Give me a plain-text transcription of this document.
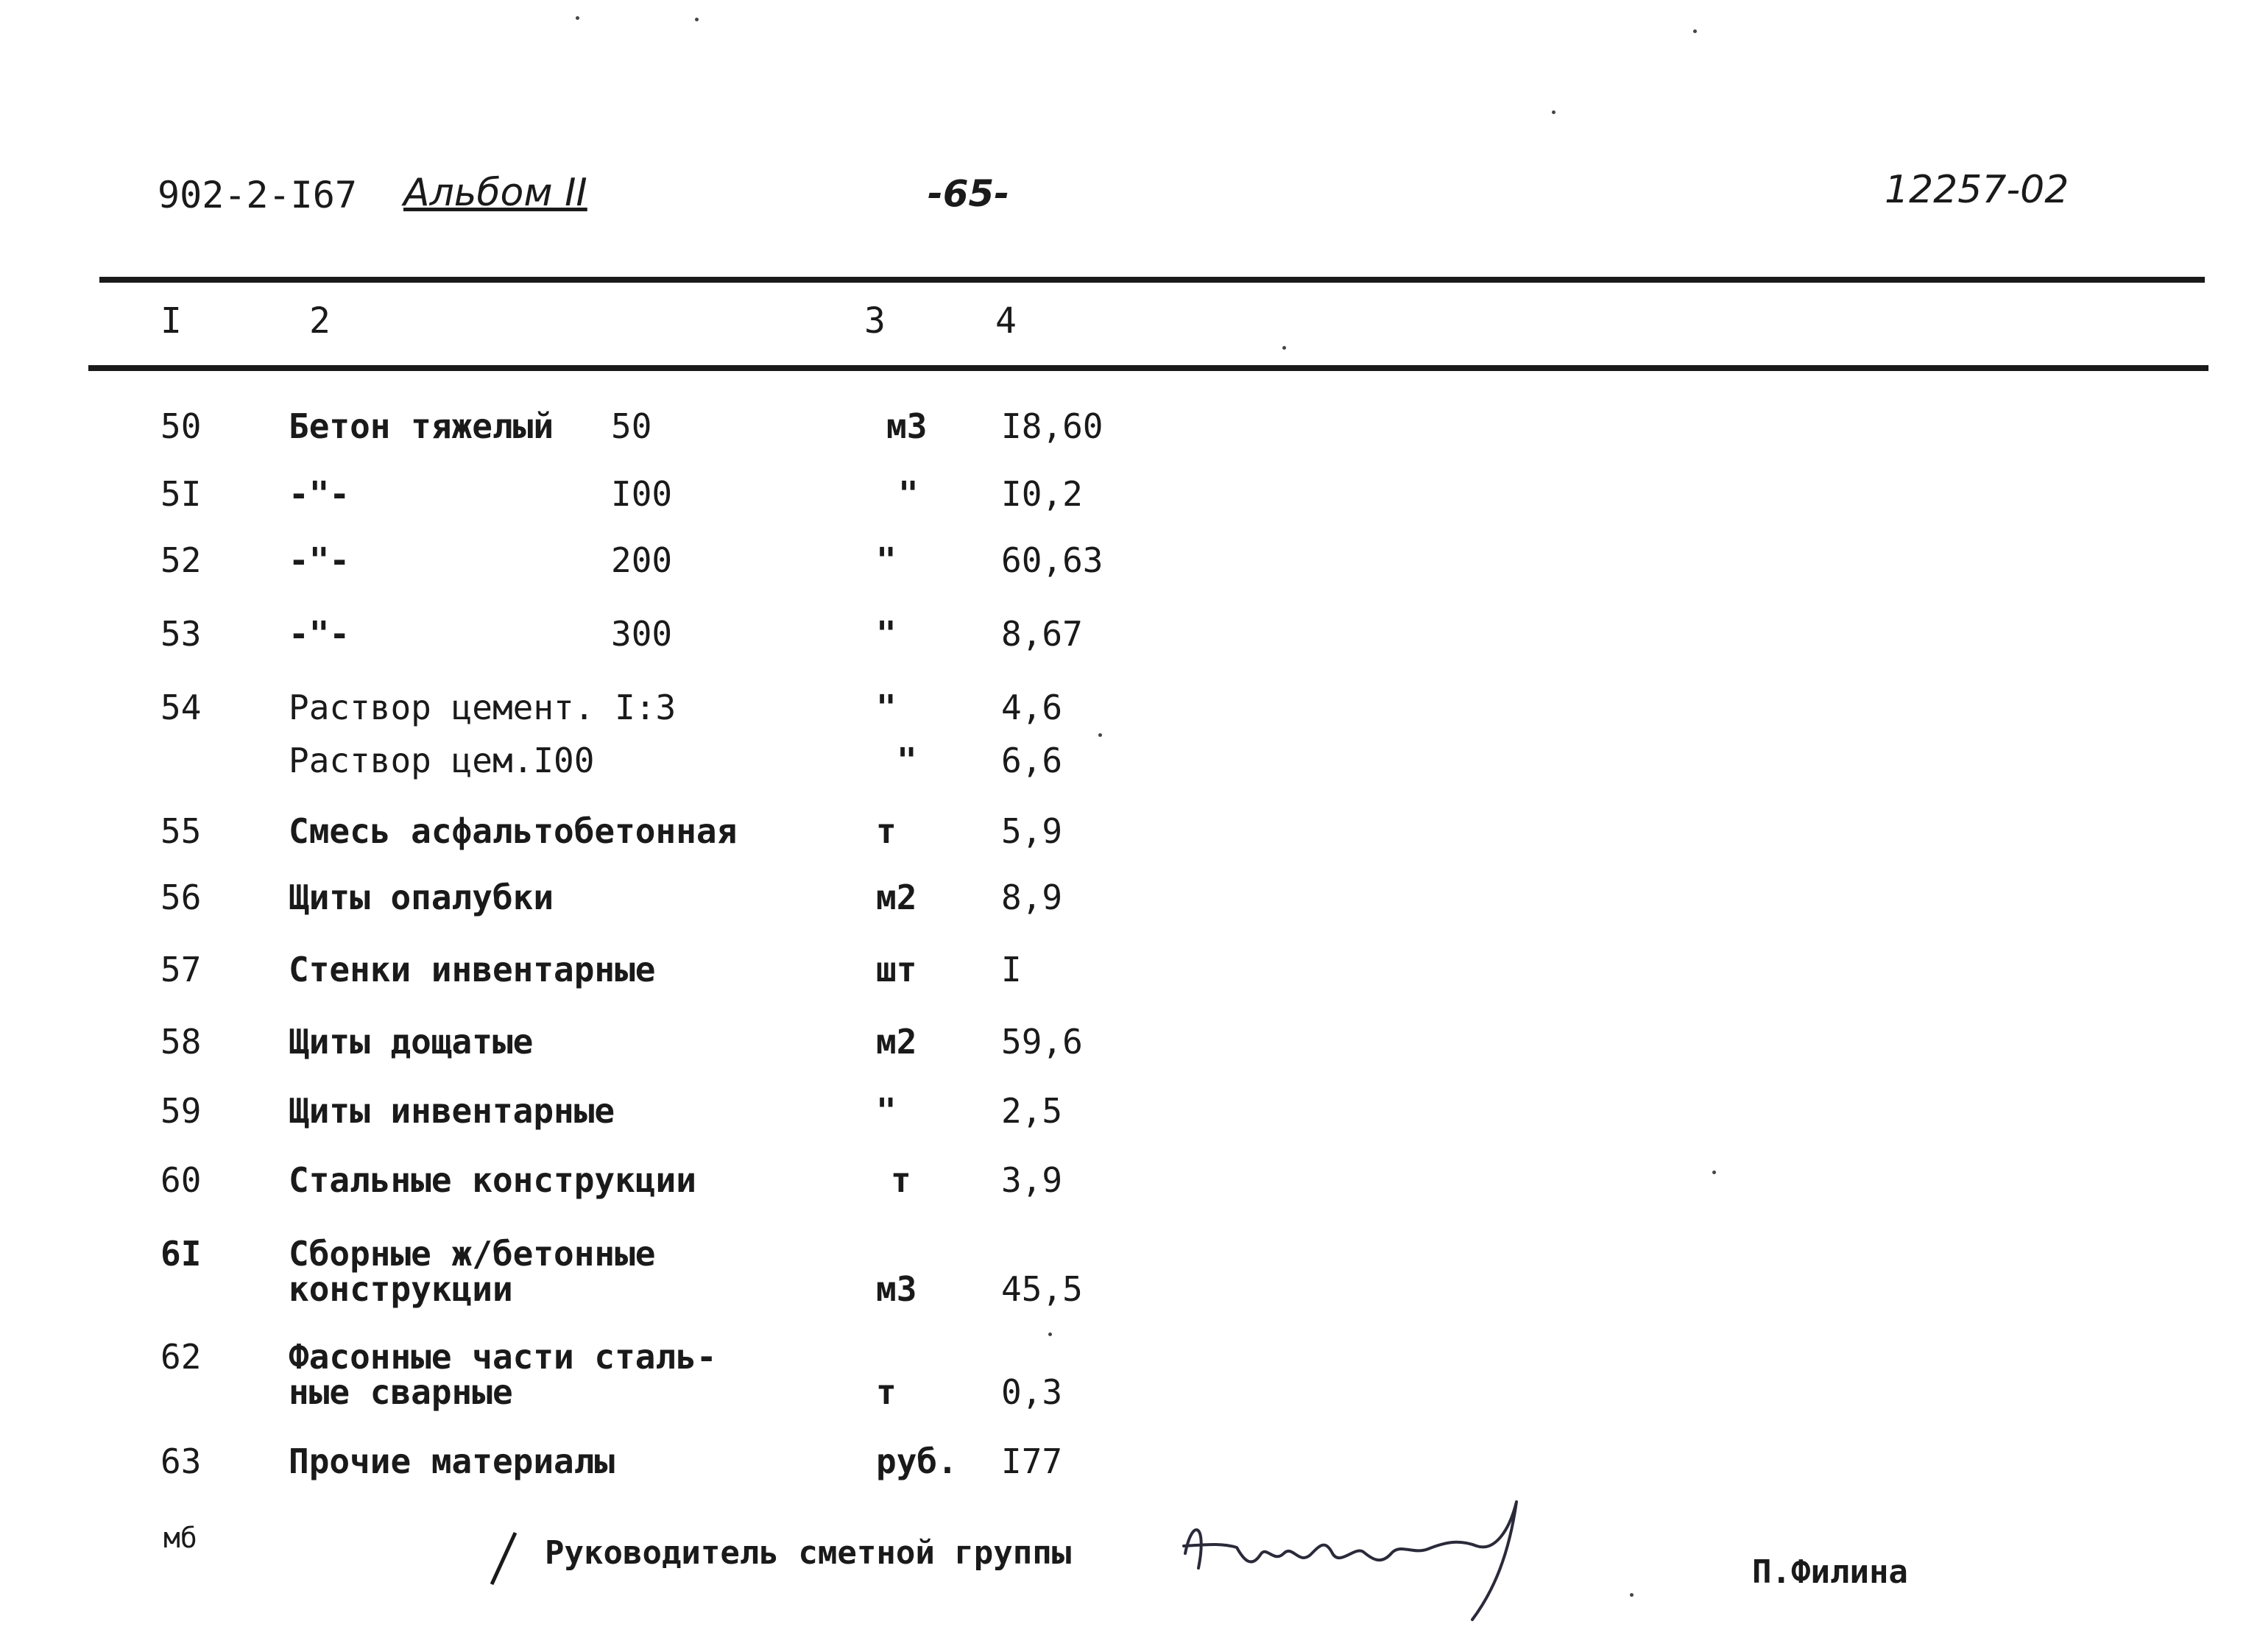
902-2-I67 Альбом II	-65-	12257-02
I	2	3	4
50	Бетон тяжелый 50	м3 I8,60
5I	-"-	I00	" I0,2
52	-"-	200	"	60,63
53	-"-	300	"	8,67
54	Раствор цемент. I:3	"	4,6
Раствор цем.I00	" 6,6
55	Смесь асфальтобетонная	т	5,9
56	Щиты опалубки	м2 8,9
57	Стенки инвентарные	шт I
58	Щиты дощатые	м2 59,6
59	Щиты инвентарные	"	2,5
60	Стальные конструкции	т	3,9
6I	Сборные ж/бетонные
конструкции	м3 45,5
62	Фасонные части сталь-
ные сварные	т	0,3
63	Прочие материалы	руб. I77
мб	Руководитель сметной группы
П.Филина
